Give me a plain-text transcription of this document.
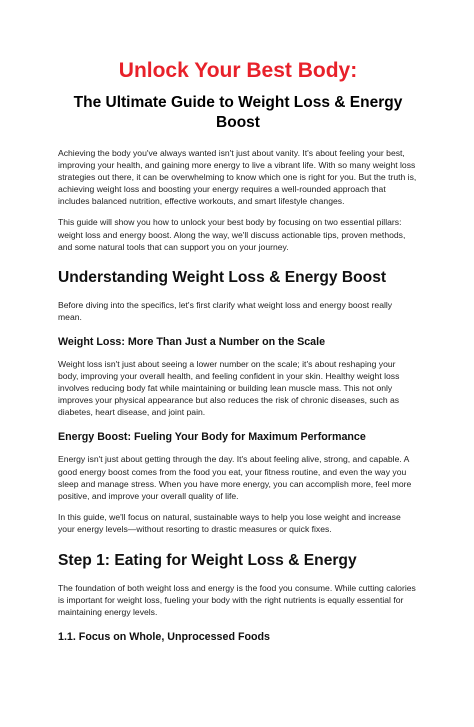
Unlock Your Best Body:
The Ultimate Guide to Weight Loss & Energy Boost

Achieving the body you've always wanted isn't just about vanity. It's about feeling your best, improving your health, and gaining more energy to live a vibrant life. With so many weight loss strategies out there, it can be overwhelming to know which one is right for you. But the truth is, achieving weight loss and boosting your energy requires a well-rounded approach that includes balanced nutrition, effective workouts, and smart lifestyle changes.

This guide will show you how to unlock your best body by focusing on two essential pillars: weight loss and energy boost. Along the way, we'll discuss actionable tips, proven methods, and some natural tools that can support you on your journey.

Understanding Weight Loss & Energy Boost

Before diving into the specifics, let's first clarify what weight loss and energy boost really mean.

Weight Loss: More Than Just a Number on the Scale

Weight loss isn't just about seeing a lower number on the scale; it's about reshaping your body, improving your overall health, and feeling confident in your skin. Healthy weight loss involves reducing body fat while maintaining or building lean muscle mass. This not only improves your physical appearance but also reduces the risk of chronic diseases, such as diabetes, heart disease, and joint pain.

Energy Boost: Fueling Your Body for Maximum Performance

Energy isn't just about getting through the day. It's about feeling alive, strong, and capable. A good energy boost comes from the food you eat, your fitness routine, and even the way you sleep and manage stress. When you have more energy, you can accomplish more, feel more positive, and improve your overall quality of life.

In this guide, we'll focus on natural, sustainable ways to help you lose weight and increase your energy levels—without resorting to drastic measures or quick fixes.

Step 1: Eating for Weight Loss & Energy

The foundation of both weight loss and energy is the food you consume. While cutting calories is important for weight loss, fueling your body with the right nutrients is equally essential for maintaining energy levels.

1.1. Focus on Whole, Unprocessed Foods
